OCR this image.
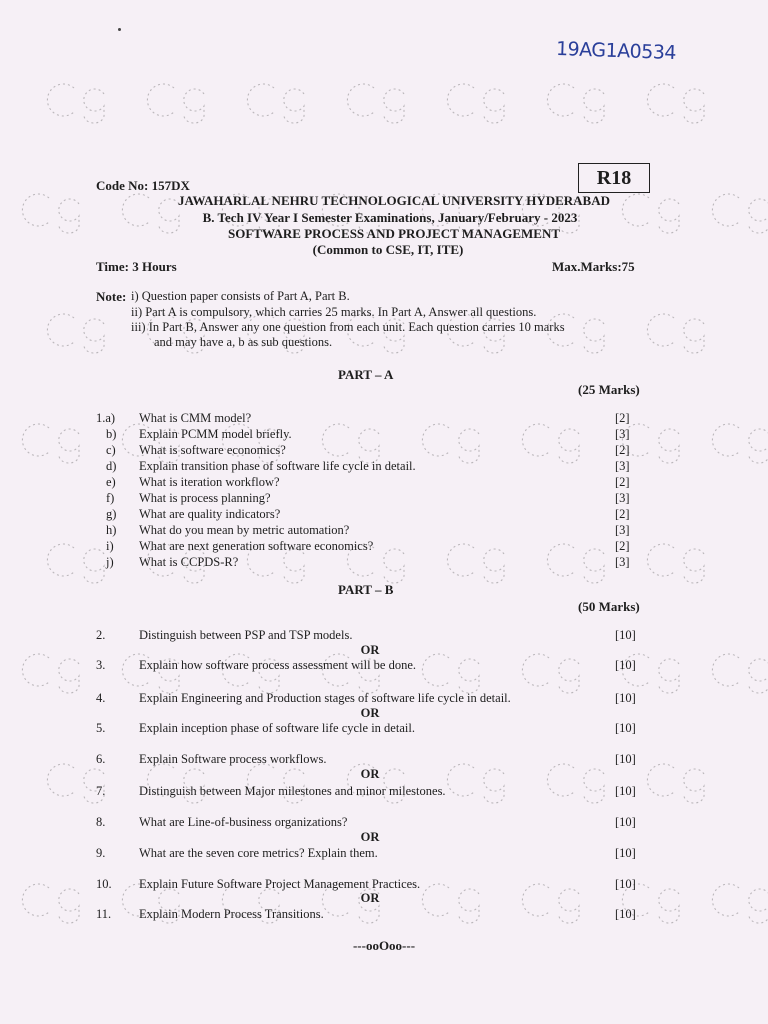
19AG1A0534
Code No: 157DX	R18
JAWAHARLAL NEHRU TECHNOLOGICAL UNIVERSITY HYDERABAD
B. Tech IV Year I Semester Examinations, January/February - 2023
SOFTWARE PROCESS AND PROJECT MANAGEMENT
(Common to CSE, IT, ITE)
Time: 3 Hours	Max.Marks:75
Note: i) Question paper consists of Part A, Part B.
ii) Part A is compulsory, which carries 25 marks. In Part A, Answer all questions.
iii) In Part B, Answer any one question from each unit. Each question carries 10 marks
and may have a, b as sub questions.
PART – A
(25 Marks)
1.a) What is CMM model?	[2]
b) Explain PCMM model briefly.	[3]
c) What is software economics?	[2]
d) Explain transition phase of software life cycle in detail.	[3]
e) What is iteration workflow?	[2]
f) What is process planning?	[3]
g) What are quality indicators?	[2]
h) What do you mean by metric automation?	[3]
i) What are next generation software economics?	[2]
j) What is CCPDS-R?	[3]
PART – B
(50 Marks)
2.	Distinguish between PSP and TSP models.	[10]
OR
3.	Explain how software process assessment will be done.	[10]
4.	Explain Engineering and Production stages of software life cycle in detail.	[10]
OR
5.	Explain inception phase of software life cycle in detail.	[10]
6.	Explain Software process workflows.	[10]
OR
7.	Distinguish between Major milestones and minor milestones.	[10]
8.	What are Line-of-business organizations?	[10]
OR
9.	What are the seven core metrics? Explain them.	[10]
10. Explain Future Software Project Management Practices.	[10]
OR
11. Explain Modern Process Transitions.	[10]
---ooOoo---
